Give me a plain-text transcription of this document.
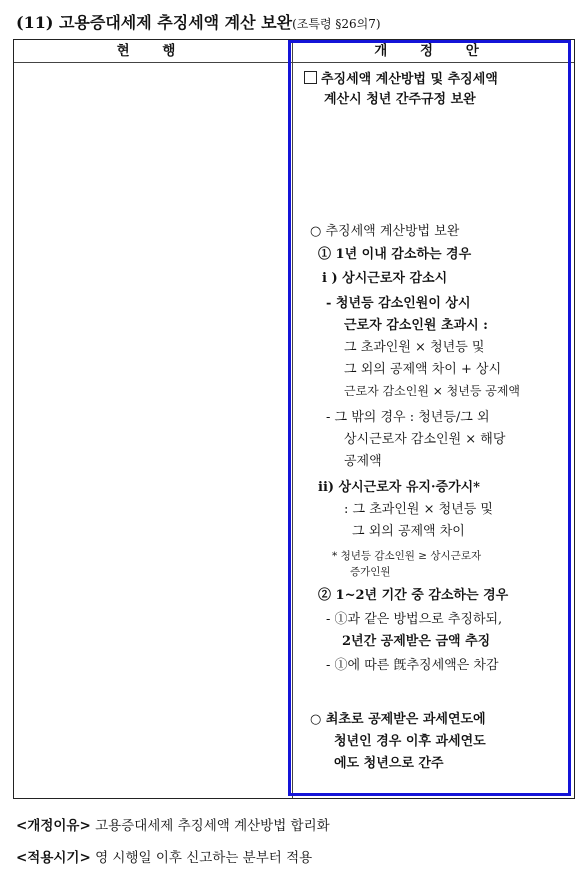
(11) 고용증대세제 추징세액 계산 보완(조특령 §26의7)
현 행	개 정 안
추징세액 계산방법 및 추징세액
계산시 청년 간주규정 보완
○ 추징세액 계산방법 보완
① 1년 이내 감소하는 경우
i ) 상시근로자 감소시
- 청년등 감소인원이 상시
근로자 감소인원 초과시 :
그 초과인원 × 청년등 및
그 외의 공제액 차이 + 상시
근로자 감소인원 × 청년등 공제액
- 그 밖의 경우 : 청년등/그 외
상시근로자 감소인원 × 해당
공제액
ii) 상시근로자 유지·증가시*
: 그 초과인원 × 청년등 및
그 외의 공제액 차이
* 청년등 감소인원 ≥ 상시근로자
증가인원
② 1~2년 기간 중 감소하는 경우
- ①과 같은 방법으로 추징하되,
2년간 공제받은 금액 추징
- ①에 따른 旣추징세액은 차감
○ 최초로 공제받은 과세연도에
청년인 경우 이후 과세연도
에도 청년으로 간주
<개정이유> 고용증대세제 추징세액 계산방법 합리화
<적용시기> 영 시행일 이후 신고하는 분부터 적용
